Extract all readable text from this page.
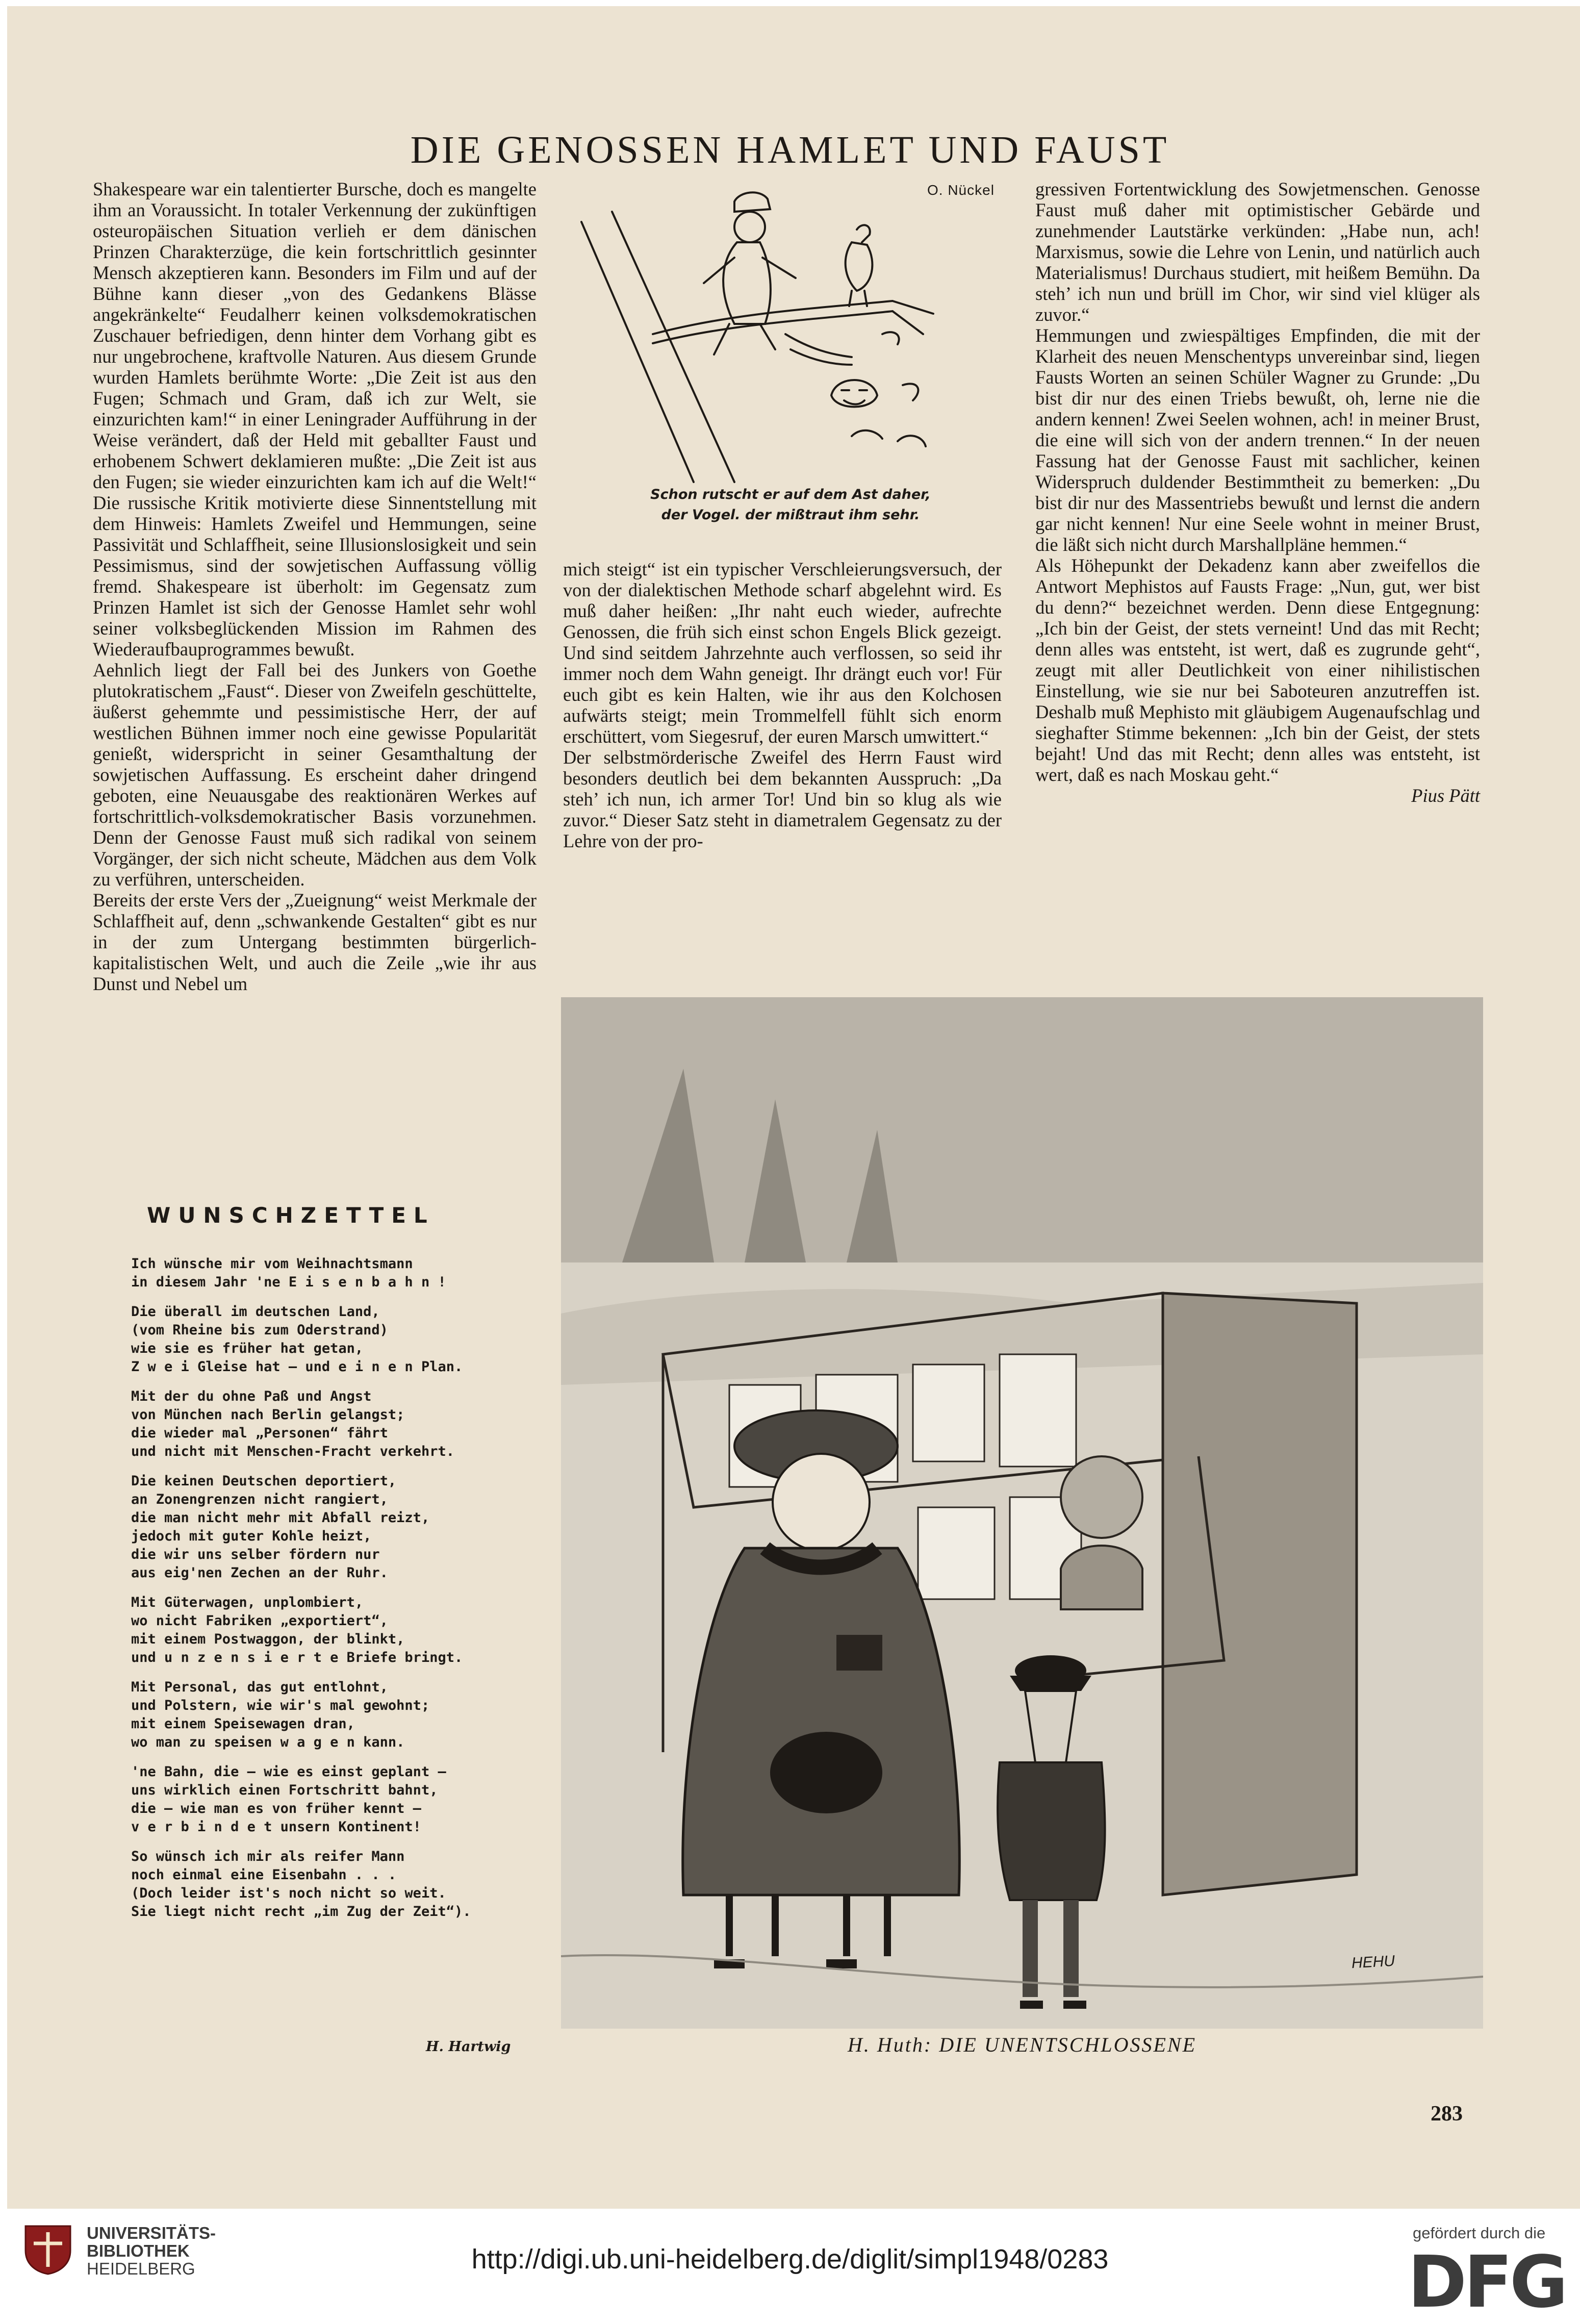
DIE GENOSSEN HAMLET UND FAUST

Shakespeare war ein talentierter Bursche, doch es mangelte ihm an Voraussicht. In totaler Verkennung der zukünftigen osteuropäischen Situation verlieh er dem dänischen Prinzen Charakterzüge, die kein fortschrittlich gesinnter Mensch akzeptieren kann. Besonders im Film und auf der Bühne kann dieser „von des Gedankens Blässe angekränkelte“ Feudalherr keinen volksdemokratischen Zuschauer befriedigen, denn hinter dem Vorhang gibt es nur ungebrochene, kraftvolle Naturen. Aus diesem Grunde wurden Hamlets berühmte Worte: „Die Zeit ist aus den Fugen; Schmach und Gram, daß ich zur Welt, sie einzurichten kam!“ in einer Leningrader Aufführung in der Weise verändert, daß der Held mit geballter Faust und erhobenem Schwert deklamieren mußte: „Die Zeit ist aus den Fugen; sie wieder einzurichten kam ich auf die Welt!“ Die russische Kritik motivierte diese Sinnentstellung mit dem Hinweis: Hamlets Zweifel und Hemmungen, seine Passivität und Schlaffheit, seine Illusionslosigkeit und sein Pessimismus, sind der sowjetischen Auffassung völlig fremd. Shakespeare ist überholt: im Gegensatz zum Prinzen Hamlet ist sich der Genosse Hamlet sehr wohl seiner volksbeglückenden Mission im Rahmen des Wiederaufbauprogrammes bewußt.

Aehnlich liegt der Fall bei des Junkers von Goethe plutokratischem „Faust“. Dieser von Zweifeln geschüttelte, äußerst gehemmte und pessimistische Herr, der auf westlichen Bühnen immer noch eine gewisse Popularität genießt, widerspricht in seiner Gesamthaltung der sowjetischen Auffassung. Es erscheint daher dringend geboten, eine Neuausgabe des reaktionären Werkes auf fortschrittlich-volksdemokratischer Basis vorzunehmen. Denn der Genosse Faust muß sich radikal von seinem Vorgänger, der sich nicht scheute, Mädchen aus dem Volk zu verführen, unterscheiden.

Bereits der erste Vers der „Zueignung“ weist Merkmale der Schlaffheit auf, denn „schwankende Gestalten“ gibt es nur in der zum Untergang bestimmten bürgerlich-kapitalistischen Welt, und auch die Zeile „wie ihr aus Dunst und Nebel um

mich steigt“ ist ein typischer Verschleierungsversuch, der von der dialektischen Methode scharf abgelehnt wird. Es muß daher heißen: „Ihr naht euch wieder, aufrechte Genossen, die früh sich einst schon Engels Blick gezeigt. Und sind seitdem Jahrzehnte auch verflossen, so seid ihr immer noch dem Wahn geneigt. Ihr drängt euch vor! Für euch gibt es kein Halten, wie ihr aus den Kolchosen aufwärts steigt; mein Trommelfell fühlt sich enorm erschüttert, vom Siegesruf, der euren Marsch umwittert.“

Der selbstmörderische Zweifel des Herrn Faust wird besonders deutlich bei dem bekannten Ausspruch: „Da steh’ ich nun, ich armer Tor! Und bin so klug als wie zuvor.“ Dieser Satz steht in diametralem Gegensatz zu der Lehre von der pro-

gressiven Fortentwicklung des Sowjetmenschen. Genosse Faust muß daher mit optimistischer Gebärde und zunehmender Lautstärke verkünden: „Habe nun, ach! Marxismus, sowie die Lehre von Lenin, und natürlich auch Materialismus! Durchaus studiert, mit heißem Bemühn. Da steh’ ich nun und brüll im Chor, wir sind viel klüger als zuvor.“

Hemmungen und zwiespältiges Empfinden, die mit der Klarheit des neuen Menschentyps unvereinbar sind, liegen Fausts Worten an seinen Schüler Wagner zu Grunde: „Du bist dir nur des einen Triebs bewußt, oh, lerne nie die andern kennen! Zwei Seelen wohnen, ach! in meiner Brust, die eine will sich von der andern trennen.“ In der neuen Fassung hat der Genosse Faust mit sachlicher, keinen Widerspruch duldender Bestimmtheit zu bemerken: „Du bist dir nur des Massentriebs bewußt und lernst die andern gar nicht kennen! Nur eine Seele wohnt in meiner Brust, die läßt sich nicht durch Marshallpläne hemmen.“

Als Höhepunkt der Dekadenz kann aber zweifellos die Antwort Mephistos auf Fausts Frage: „Nun, gut, wer bist du denn?“ bezeichnet werden. Denn diese Entgegnung: „Ich bin der Geist, der stets verneint! Und das mit Recht; denn alles was entsteht, ist wert, daß es zugrunde geht“, zeugt mit aller Deutlichkeit von einer nihilistischen Einstellung, wie sie nur bei Saboteuren anzutreffen ist. Deshalb muß Mephisto mit gläubigem Augenaufschlag und sieghafter Stimme bekennen: „Ich bin der Geist, der stets bejaht! Und das mit Recht; denn alles was entsteht, ist wert, daß es nach Moskau geht.“

Pius Pätt
O. Nückel
Schon rutscht er auf dem Ast daher,
der Vogel. der mißtraut ihm sehr.
WUNSCHZETTEL
Ich wünsche mir vom Weihnachtsmann
in diesem Jahr 'ne E i s e n b a h n !
Die überall im deutschen Land,
(vom Rheine bis zum Oderstrand)
wie sie es früher hat getan,
Z w e i Gleise hat — und e i n e n Plan.
Mit der du ohne Paß und Angst
von München nach Berlin gelangst;
die wieder mal „Personen“ fährt
und nicht mit Menschen-Fracht verkehrt.
Die keinen Deutschen deportiert,
an Zonengrenzen nicht rangiert,
die man nicht mehr mit Abfall reizt,
jedoch mit guter Kohle heizt,
die wir uns selber fördern nur
aus eig'nen Zechen an der Ruhr.
Mit Güterwagen, unplombiert,
wo nicht Fabriken „exportiert“,
mit einem Postwaggon, der blinkt,
und u n z e n s i e r t e Briefe bringt.
Mit Personal, das gut entlohnt,
und Polstern, wie wir's mal gewohnt;
mit einem Speisewagen dran,
wo man zu speisen w a g e n kann.
'ne Bahn, die — wie es einst geplant —
uns wirklich einen Fortschritt bahnt,
die — wie man es von früher kennt —
v e r b i n d e t unsern Kontinent!
So wünsch ich mir als reifer Mann
noch einmal eine Eisenbahn . . .
(Doch leider ist's noch nicht so weit.
Sie liegt nicht recht „im Zug der Zeit“).
H. Hartwig
HEHU
H. Huth: DIE UNENTSCHLOSSENE
283
UNIVERSITÄTS-
BIBLIOTHEK
HEIDELBERG	http://digi.ub.uni-heidelberg.de/diglit/simpl1948/0283
gefördert durch die
DFG
